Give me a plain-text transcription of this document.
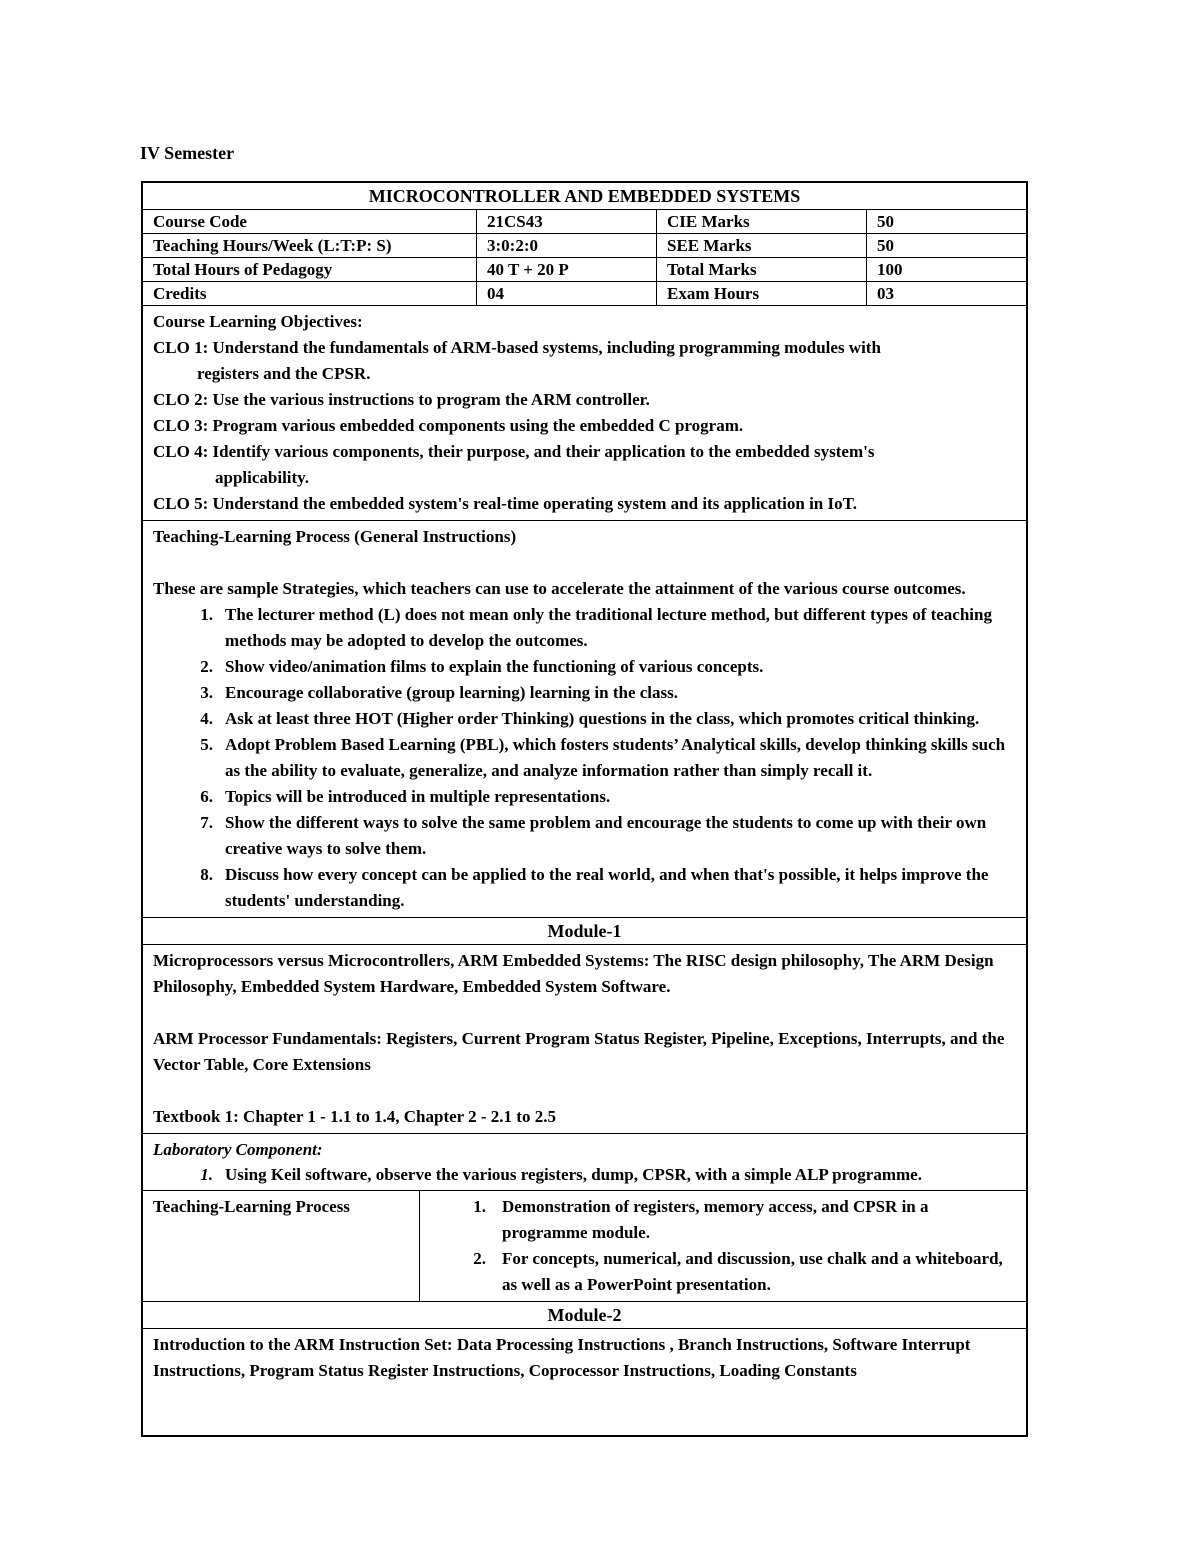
IV Semester
MICROCONTROLLER AND EMBEDDED SYSTEMS
Course Code	21CS43	CIE Marks	50
Teaching Hours/Week (L:T:P: S)	3:0:2:0	SEE Marks	50
Total Hours of Pedagogy	40 T + 20 P	Total Marks	100
Credits	04	Exam Hours	03
Course Learning Objectives:
CLO 1: Understand the fundamentals of ARM-based systems, including programming modules with
registers and the CPSR.
CLO 2: Use the various instructions to program the ARM controller.
CLO 3: Program various embedded components using the embedded C program.
CLO 4: Identify various components, their purpose, and their application to the embedded system's
applicability.
CLO 5: Understand the embedded system's real-time operating system and its application in IoT.
Teaching-Learning Process (General Instructions)
These are sample Strategies, which teachers can use to accelerate the attainment of the various course outcomes.
1. The lecturer method (L) does not mean only the traditional lecture method, but different types of teaching methods may be adopted to develop the outcomes.
2. Show video/animation films to explain the functioning of various concepts.
3. Encourage collaborative (group learning) learning in the class.
4. Ask at least three HOT (Higher order Thinking) questions in the class, which promotes critical thinking.
5. Adopt Problem Based Learning (PBL), which fosters students’ Analytical skills, develop thinking skills such as the ability to evaluate, generalize, and analyze information rather than simply recall it.
6. Topics will be introduced in multiple representations.
7. Show the different ways to solve the same problem and encourage the students to come up with their own creative ways to solve them.
8. Discuss how every concept can be applied to the real world, and when that's possible, it helps improve the students' understanding.
Module-1
Microprocessors versus Microcontrollers, ARM Embedded Systems: The RISC design philosophy, The ARM Design Philosophy, Embedded System Hardware, Embedded System Software.
ARM Processor Fundamentals: Registers, Current Program Status Register, Pipeline, Exceptions, Interrupts, and the Vector Table, Core Extensions
Textbook 1: Chapter 1 - 1.1 to 1.4, Chapter 2 - 2.1 to 2.5
Laboratory Component:
1. Using Keil software, observe the various registers, dump, CPSR, with a simple ALP programme.
Teaching-Learning Process	1. Demonstration of registers, memory access, and CPSR in a programme module.
2. For concepts, numerical, and discussion, use chalk and a whiteboard, as well as a PowerPoint presentation.
Module-2
Introduction to the ARM Instruction Set: Data Processing Instructions , Branch Instructions, Software Interrupt Instructions, Program Status Register Instructions, Coprocessor Instructions, Loading Constants
